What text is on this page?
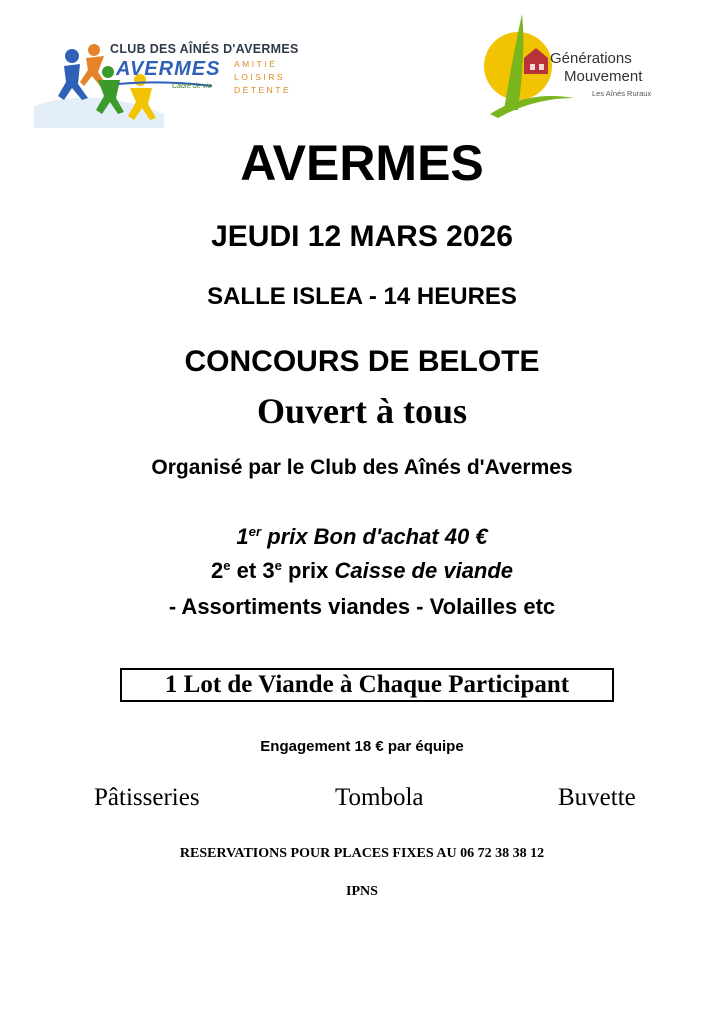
CLUB DES AÎNÉS D'AVERMES
AVERMES
Cadre de vie
AMITIÉ
LOISIRS
DÉTENTE
Générations
Mouvement
Les Aînés Ruraux
AVERMES
JEUDI 12 MARS 2026
SALLE ISLEA - 14 HEURES
CONCOURS DE BELOTE
Ouvert à tous
Organisé par le Club des Aînés d'Avermes
1er prix Bon d'achat 40 €
2e et 3e prix Caisse de viande
- Assortiments viandes - Volailles etc
1 Lot de Viande à Chaque Participant
Engagement 18 € par équipe
Pâtisseries	Tombola	Buvette
RESERVATIONS POUR PLACES FIXES AU 06 72 38 38 12
IPNS
